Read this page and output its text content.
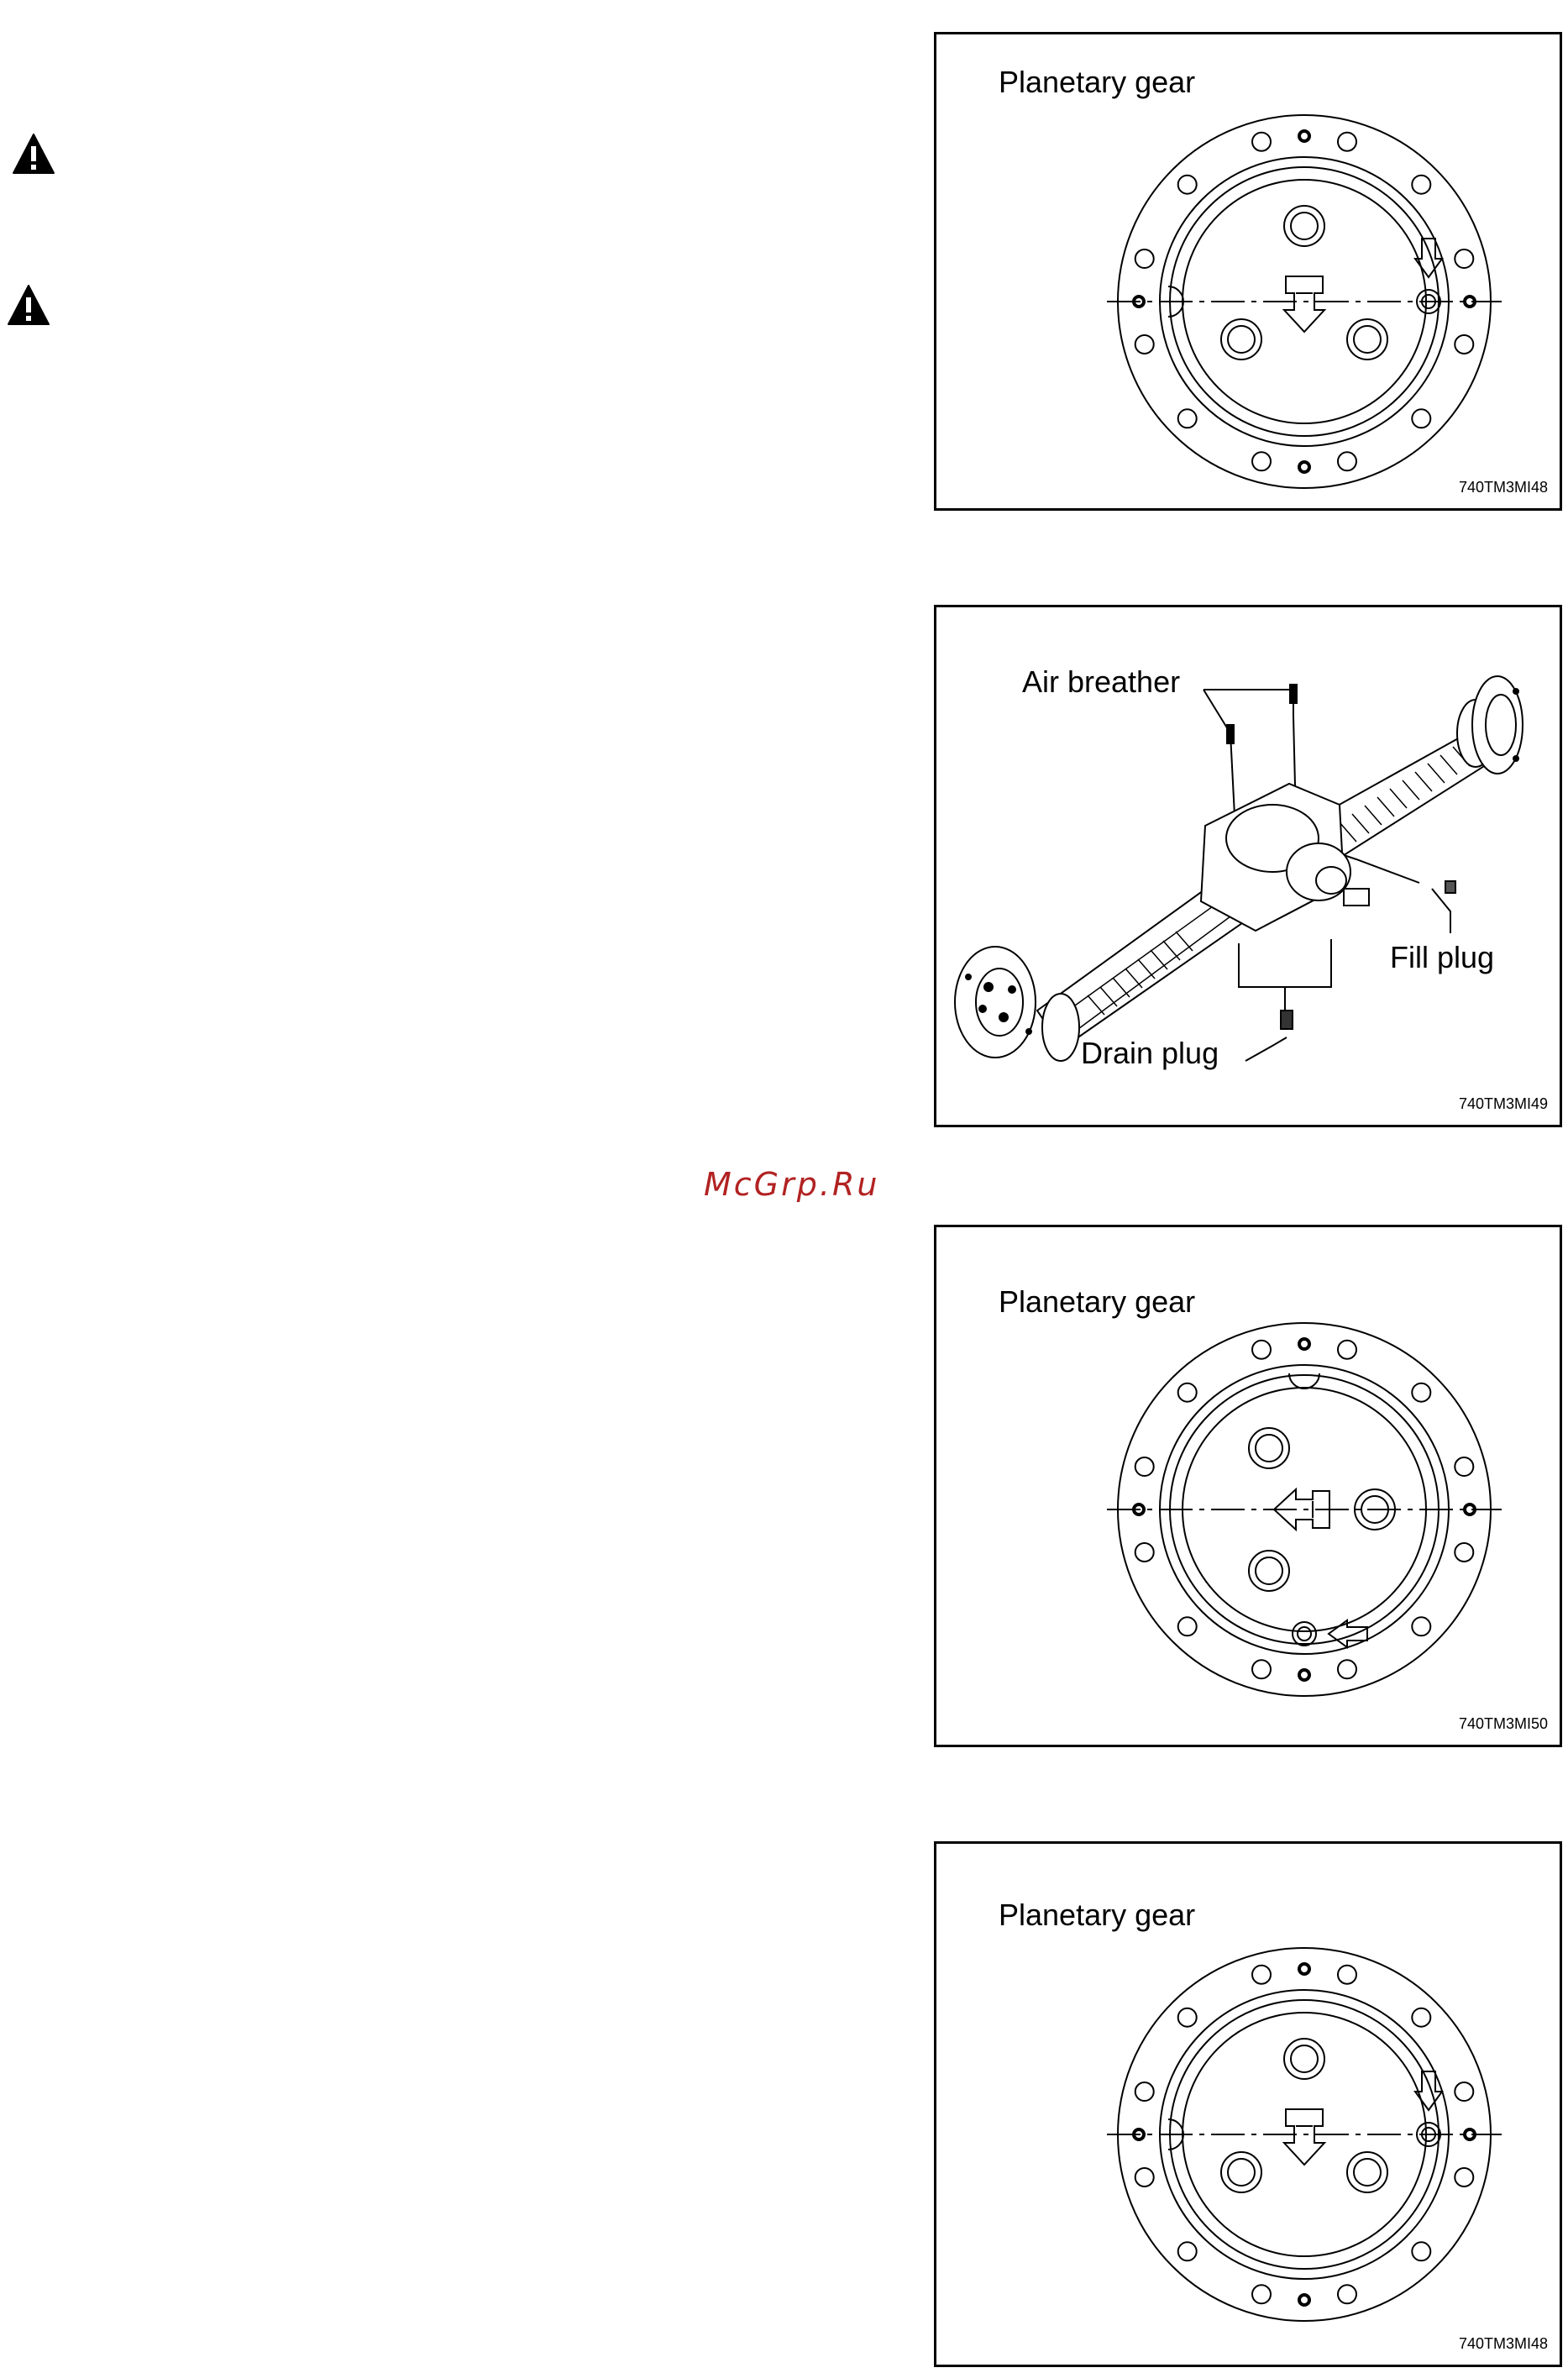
Planetary gear
740TM3MI48
Air breather
Fill plug
Drain plug
740TM3MI49
McGrp.Ru
Planetary gear
740TM3MI50
Planetary gear
740TM3MI48
